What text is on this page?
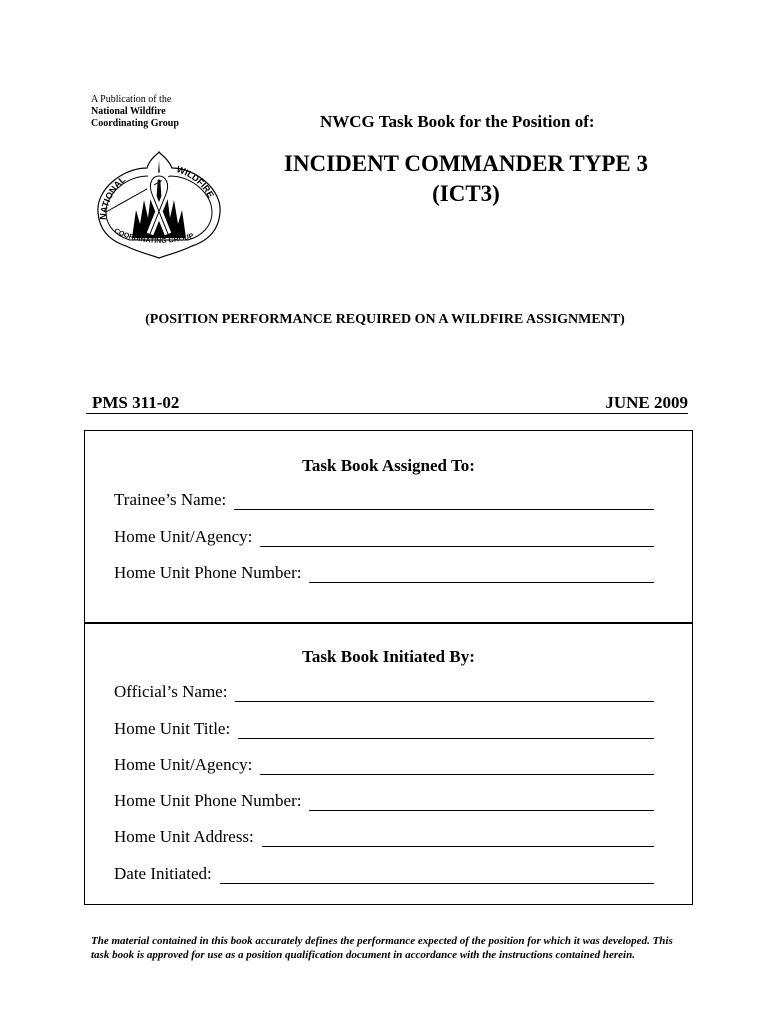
A Publication of the
National Wildfire
Coordinating Group	NWCG Task Book for the Position of:
INCIDENT COMMANDER TYPE 3
(ICT3)
NATIONAL
WILDFIRE
COORDINATING GROUP
(POSITION PERFORMANCE REQUIRED ON A WILDFIRE ASSIGNMENT)
PMS 311-02	JUNE 2009
Task Book Assigned To:
Trainee’s Name:
Home Unit/Agency:
Home Unit Phone Number:
Task Book Initiated By:
Official’s Name:
Home Unit Title:
Home Unit/Agency:
Home Unit Phone Number:
Home Unit Address:
Date Initiated:
The material contained in this book accurately defines the performance expected of the position for which it was developed. This task book is approved for use as a position qualification document in accordance with the instructions contained herein.
